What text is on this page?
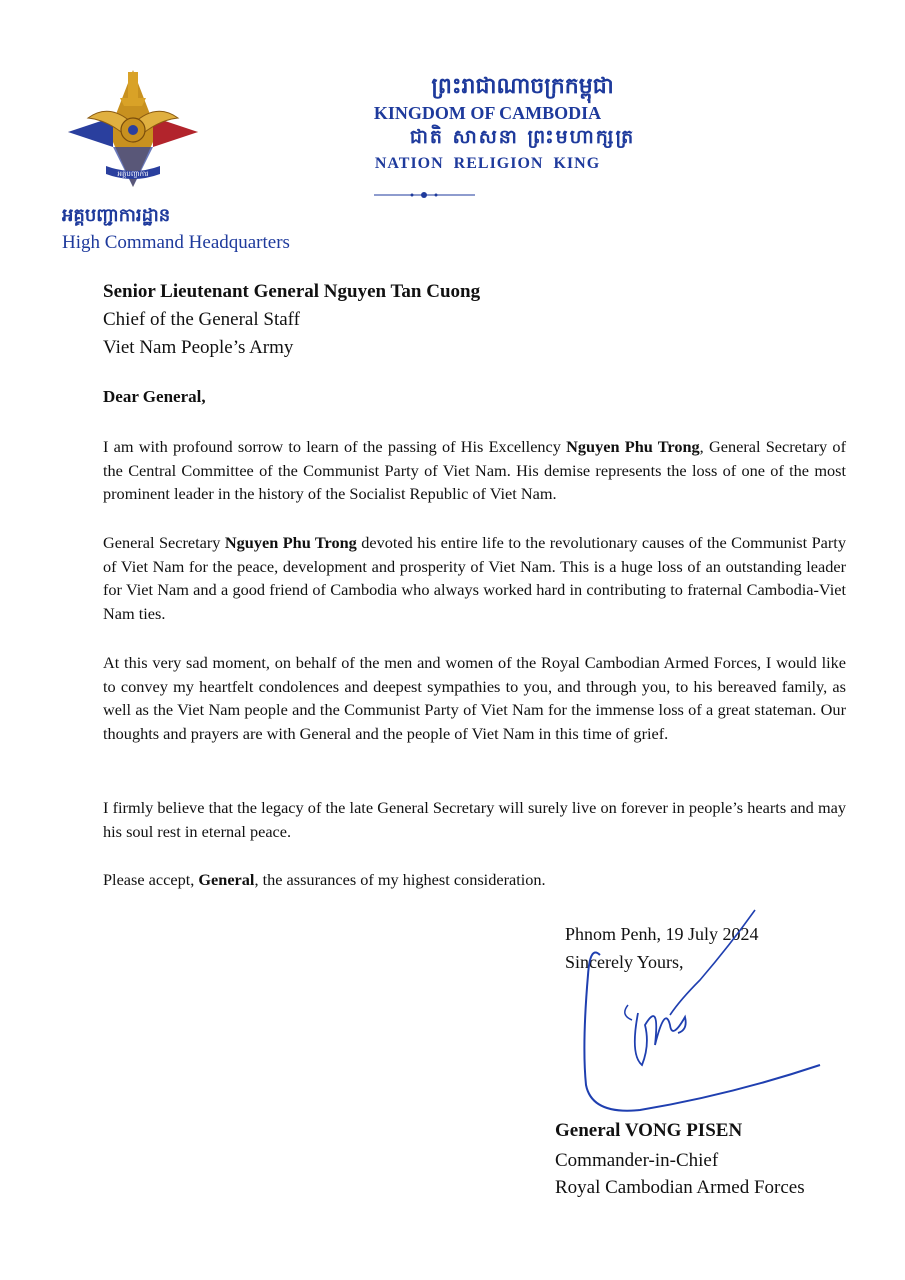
អគ្គបញ្ជាការ
ព្រះរាជាណាចក្រកម្ពុជា
KINGDOM OF CAMBODIA
ជាតិ សាសនា ព្រះមហាក្សត្រ
NATION  RELIGION  KING
អគ្គបញ្ជាការដ្ឋាន
High Command Headquarters
Senior Lieutenant General Nguyen Tan Cuong
Chief of the General Staff
Viet Nam People’s Army
Dear General,
I am with profound sorrow to learn of the passing of His Excellency Nguyen Phu Trong, General Secretary of the Central Committee of the Communist Party of Viet Nam. His demise represents the loss of one of the most prominent leader in the history of the Socialist Republic of Viet Nam.
General Secretary Nguyen Phu Trong devoted his entire life to the revolutionary causes of the Communist Party of Viet Nam for the peace, development and prosperity of Viet Nam. This is a huge loss of an outstanding leader for Viet Nam and a good friend of Cambodia who always worked hard in contributing to fraternal Cambodia-Viet Nam ties.
At this very sad moment, on behalf of the men and women of the Royal Cambodian Armed Forces, I would like to convey my heartfelt condolences and deepest sympathies to you, and through you, to his bereaved family, as well as the Viet Nam people and the Communist Party of Viet Nam for the immense loss of a great stateman. Our thoughts and prayers are with General and the people of Viet Nam in this time of grief.
I firmly believe that the legacy of the late General Secretary will surely live on forever in people’s hearts and may his soul rest in eternal peace.
Please accept, General, the assurances of my highest consideration.
Phnom Penh, 19 July 2024
Sincerely Yours,
General VONG PISEN
Commander-in-Chief
Royal Cambodian Armed Forces
